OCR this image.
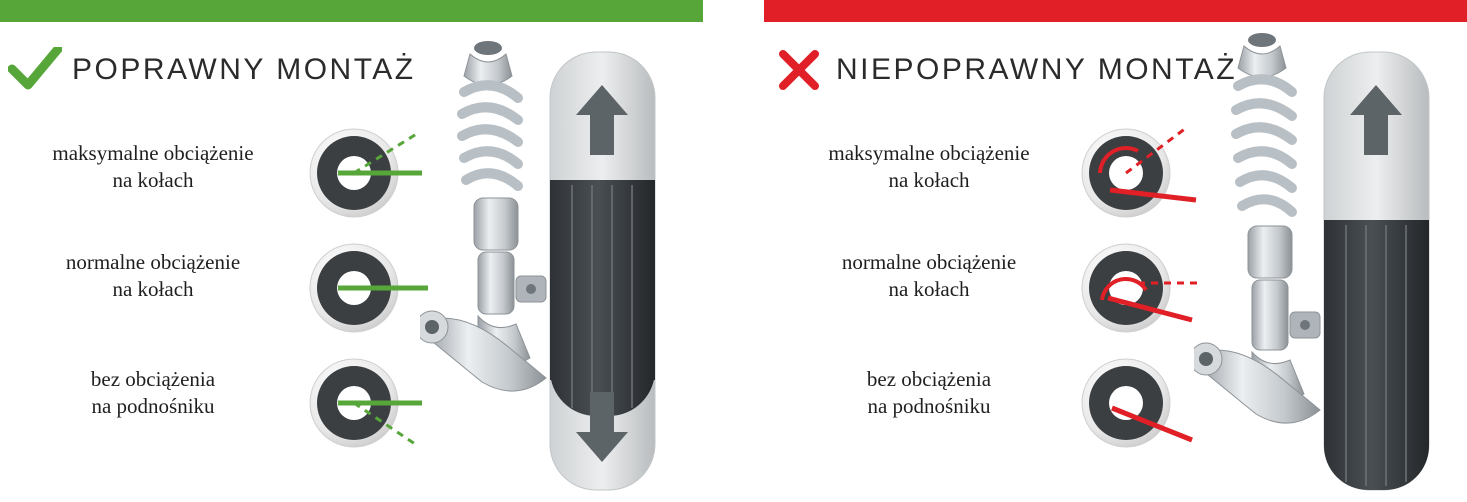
POPRAWNY MONTAŻ
maksymalne obciążenie
na kołach
normalne obciążenie
na kołach
bez obciążenia
na podnośniku
NIEPOPRAWNY MONTAŻ
maksymalne obciążenie
na kołach
normalne obciążenie
na kołach
bez obciążenia
na podnośniku
